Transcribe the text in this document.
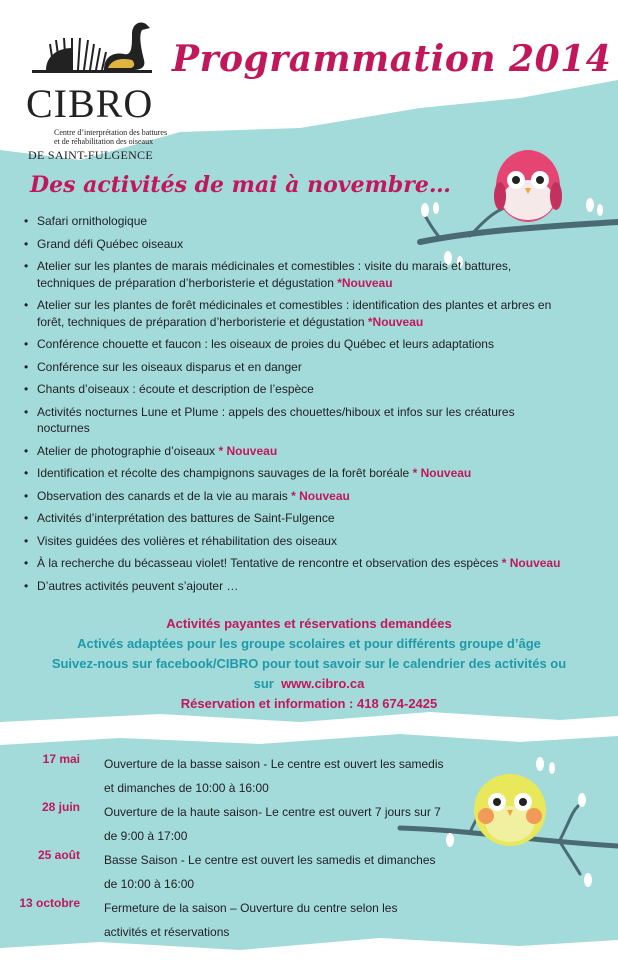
CIBRO
Centre d’interprétation des battures
et de réhabilitation des oiseaux
DE SAINT-FULGENCE
Programmation 2014
Des activités de mai à novembre…
• Safari ornithologique
• Grand défi Québec oiseaux
• Atelier sur les plantes de marais médicinales et comestibles : visite du marais et battures, techniques de préparation d’herboristerie et dégustation *Nouveau
• Atelier sur les plantes de forêt médicinales et comestibles : identification des plantes et arbres en forêt, techniques de préparation d’herboristerie et dégustation *Nouveau
• Conférence chouette et faucon : les oiseaux de proies du Québec et leurs adaptations
• Conférence sur les oiseaux disparus et en danger
• Chants d’oiseaux : écoute et description de l’espèce
• Activités nocturnes Lune et Plume : appels des chouettes/hiboux et infos sur les créatures nocturnes
• Atelier de photographie d’oiseaux * Nouveau
• Identification et récolte des champignons sauvages de la forêt boréale * Nouveau
• Observation des canards et de la vie au marais * Nouveau
• Activités d’interprétation des battures de Saint-Fulgence
• Visites guidées des volières et réhabilitation des oiseaux
• À la recherche du bécasseau violet! Tentative de rencontre et observation des espèces * Nouveau
• D’autres activités peuvent s’ajouter …
Activités payantes et réservations demandées
Activés adaptées pour les groupe scolaires et pour différents groupe d’âge
Suivez-nous sur facebook/CIBRO pour tout savoir sur le calendrier des activités ou
sur www.cibro.ca
Réservation et information : 418 674-2425
17 mai Ouverture de la basse saison - Le centre est ouvert les samedis et dimanches de 10:00 à 16:00
28 juin Ouverture de la haute saison- Le centre est ouvert 7 jours sur 7 de 9:00 à 17:00
25 août Basse Saison - Le centre est ouvert les samedis et dimanches de 10:00 à 16:00
13 octobre Fermeture de la saison – Ouverture du centre selon les activités et réservations
